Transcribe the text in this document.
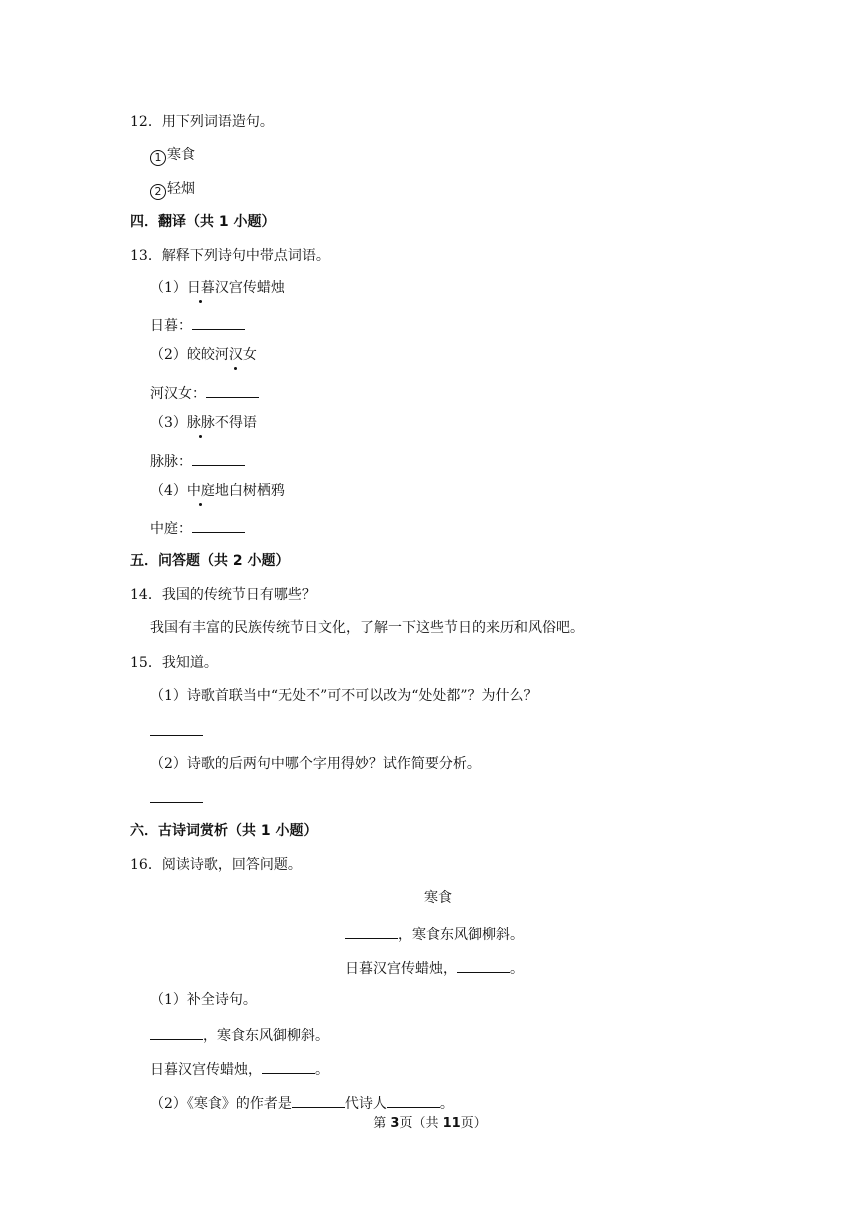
12．用下列词语造句。
1 寒食
2 轻烟
四．翻译（共 1 小题）
13．解释下列诗句中带点词语。
（1）日暮汉宫传蜡烛
日暮：
（2）皎皎河汉女
河汉女：
（3）脉脉不得语
脉脉：
（4）中庭地白树栖鸦
中庭：
五．问答题（共 2 小题）
14．我国的传统节日有哪些？
我国有丰富的民族传统节日文化，了解一下这些节日的来历和风俗吧。
15．我知道。
（1）诗歌首联当中“无处不”可不可以改为“处处都”？为什么？
（2）诗歌的后两句中哪个字用得妙？试作简要分析。
六．古诗词赏析（共 1 小题）
16．阅读诗歌，回答问题。
寒食
，寒食东风御柳斜。
日暮汉宫传蜡烛，	。
（1）补全诗句。
，寒食东风御柳斜。
日暮汉宫传蜡烛，	。
（2）《寒食》的作者是	代诗人	。
第 3页（共 11页）
